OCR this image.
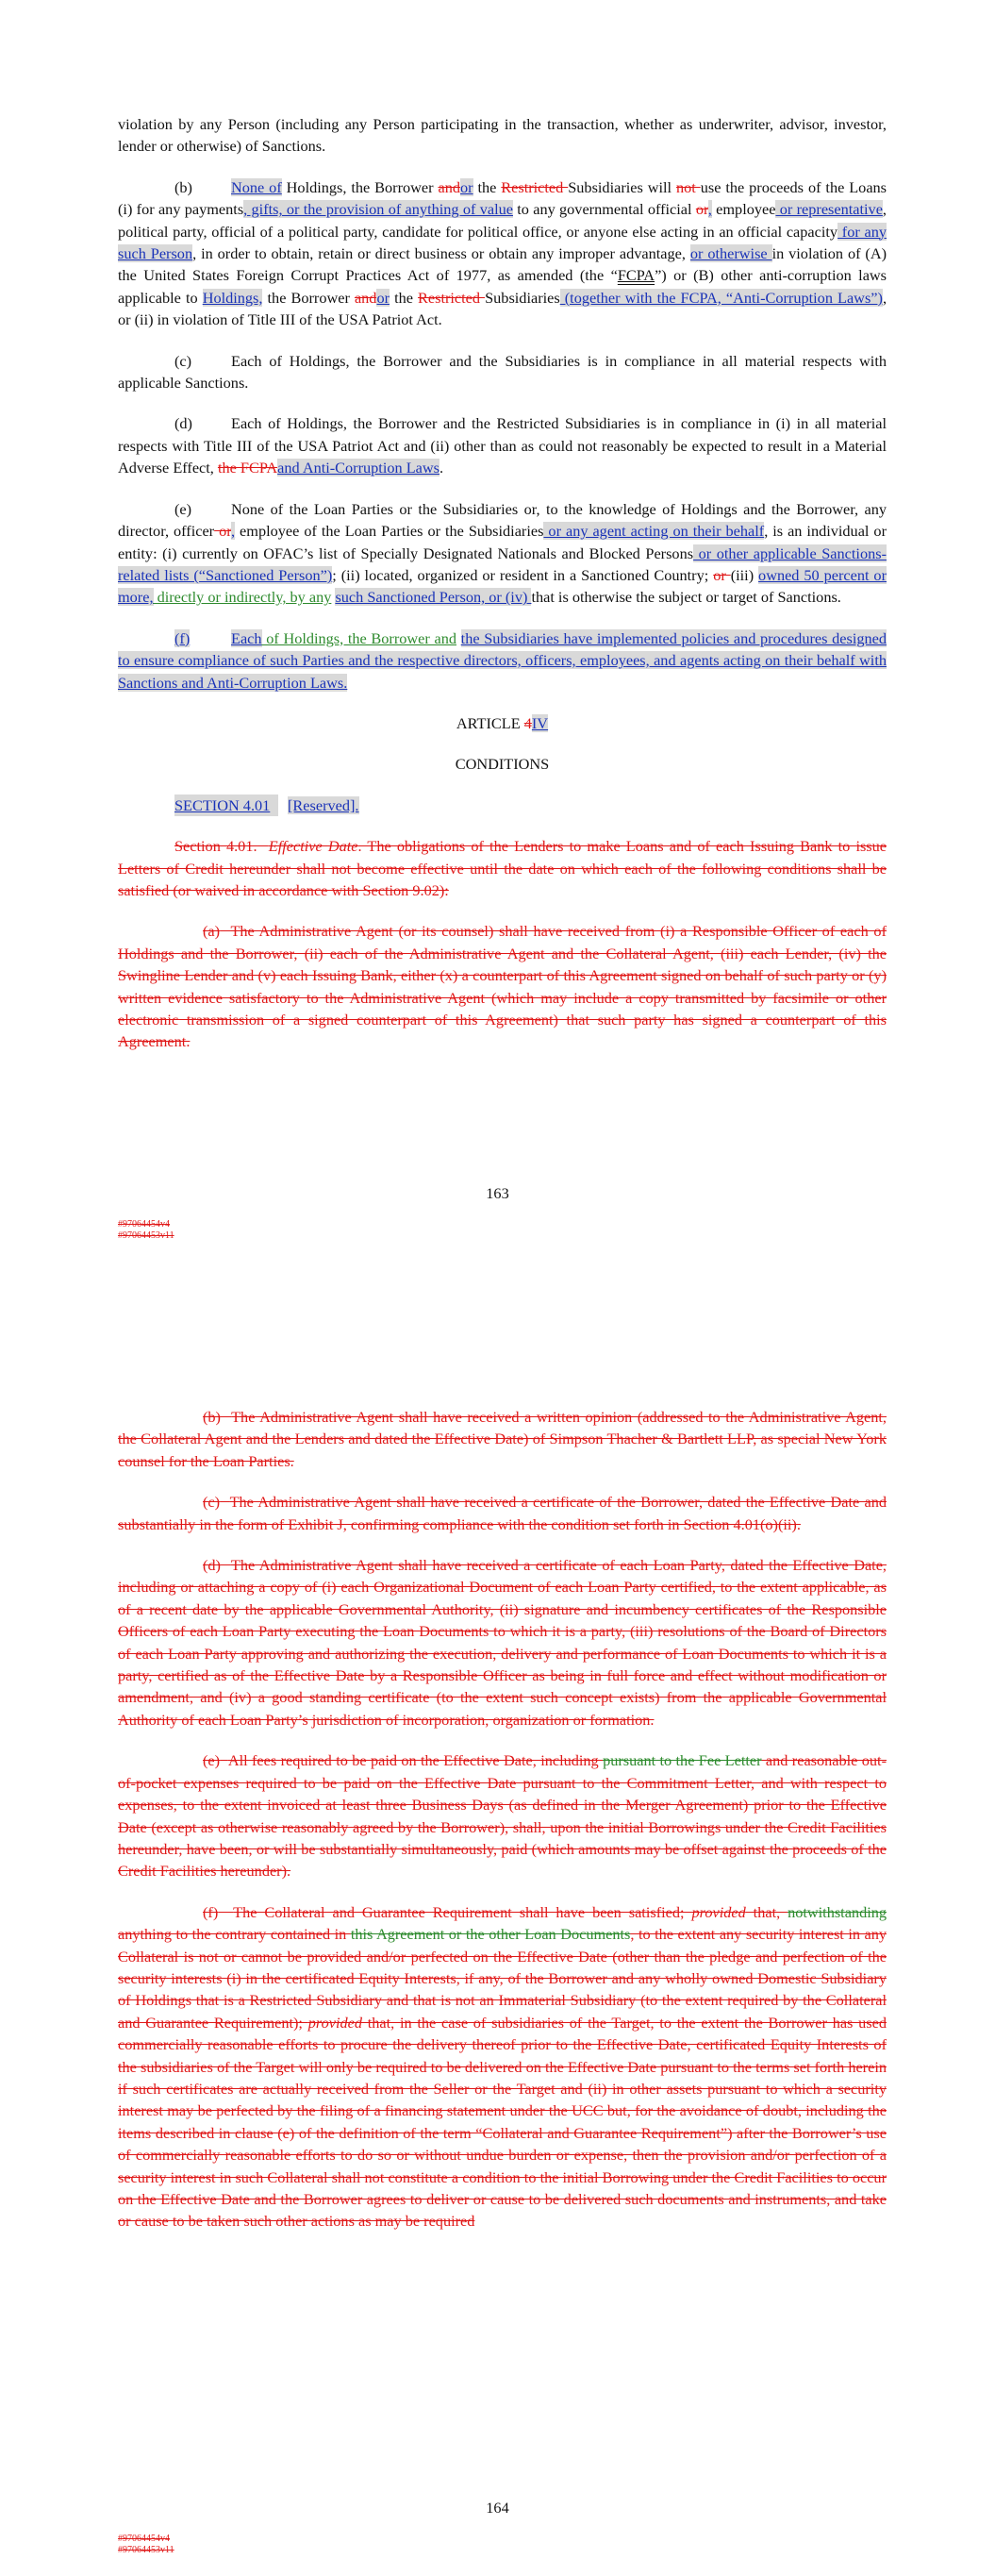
violation by any Person (including any Person participating in the transaction, whether as underwriter, advisor, investor, lender or otherwise) of Sanctions.

(b)	None of Holdings, the Borrower andor the Restricted Subsidiaries will not use the proceeds of the Loans (i) for any payments, gifts, or the provision of anything of value to any governmental official or, employee or representative, political party, official of a political party, candidate for political office, or anyone else acting in an official capacity for any such Person, in order to obtain, retain or direct business or obtain any improper advantage, or otherwise in violation of (A) the United States Foreign Corrupt Practices Act of 1977, as amended (the “FCPA”) or (B) other anti-corruption laws applicable to Holdings, the Borrower andor the Restricted Subsidiaries (together with the FCPA, “Anti-Corruption Laws”), or (ii) in violation of Title III of the USA Patriot Act.

(c)	Each of Holdings, the Borrower and the Subsidiaries is in compliance in all material respects with applicable Sanctions.

(d)	Each of Holdings, the Borrower and the Restricted Subsidiaries is in compliance in (i) in all material respects with Title III of the USA Patriot Act and (ii) other than as could not reasonably be expected to result in a Material Adverse Effect, the FCPAand Anti-Corruption Laws.

(e)	None of the Loan Parties or the Subsidiaries or, to the knowledge of Holdings and the Borrower, any director, officer or, employee of the Loan Parties or the Subsidiaries or any agent acting on their behalf, is an individual or entity: (i) currently on OFAC’s list of Specially Designated Nationals and Blocked Persons or other applicable Sanctions-related lists (“Sanctioned Person”); (ii) located, organized or resident in a Sanctioned Country; or (iii) owned 50 percent or more, directly or indirectly, by any such Sanctioned Person, or (iv) that is otherwise the subject or target of Sanctions.

(f)	Each of Holdings, the Borrower and the Subsidiaries have implemented policies and procedures designed to ensure compliance of such Parties and the respective directors, officers, employees, and agents acting on their behalf with Sanctions and Anti-Corruption Laws.

ARTICLE 4IV

CONDITIONS

SECTION 4.01 [Reserved].

Section 4.01. Effective Date. The obligations of the Lenders to make Loans and of each Issuing Bank to issue Letters of Credit hereunder shall not become effective until the date on which each of the following conditions shall be satisfied (or waived in accordance with Section 9.02):

(a) The Administrative Agent (or its counsel) shall have received from (i) a Responsible Officer of each of Holdings and the Borrower, (ii) each of the Administrative Agent and the Collateral Agent, (iii) each Lender, (iv) the Swingline Lender and (v) each Issuing Bank, either (x) a counterpart of this Agreement signed on behalf of such party or (y) written evidence satisfactory to the Administrative Agent (which may include a copy transmitted by facsimile or other electronic transmission of a signed counterpart of this Agreement) that such party has signed a counterpart of this Agreement.

163
#97064454v4
#97064453v11

(b) The Administrative Agent shall have received a written opinion (addressed to the Administrative Agent, the Collateral Agent and the Lenders and dated the Effective Date) of Simpson Thacher & Bartlett LLP, as special New York counsel for the Loan Parties.

(c) The Administrative Agent shall have received a certificate of the Borrower, dated the Effective Date and substantially in the form of Exhibit J, confirming compliance with the condition set forth in Section 4.01(o)(ii).

(d) The Administrative Agent shall have received a certificate of each Loan Party, dated the Effective Date, including or attaching a copy of (i) each Organizational Document of each Loan Party certified, to the extent applicable, as of a recent date by the applicable Governmental Authority, (ii) signature and incumbency certificates of the Responsible Officers of each Loan Party executing the Loan Documents to which it is a party, (iii) resolutions of the Board of Directors of each Loan Party approving and authorizing the execution, delivery and performance of Loan Documents to which it is a party, certified as of the Effective Date by a Responsible Officer as being in full force and effect without modification or amendment, and (iv) a good standing certificate (to the extent such concept exists) from the applicable Governmental Authority of each Loan Party’s jurisdiction of incorporation, organization or formation.

(e) All fees required to be paid on the Effective Date, including pursuant to the Fee Letter and reasonable out-of-pocket expenses required to be paid on the Effective Date pursuant to the Commitment Letter, and with respect to expenses, to the extent invoiced at least three Business Days (as defined in the Merger Agreement) prior to the Effective Date (except as otherwise reasonably agreed by the Borrower), shall, upon the initial Borrowings under the Credit Facilities hereunder, have been, or will be substantially simultaneously, paid (which amounts may be offset against the proceeds of the Credit Facilities hereunder).

(f) The Collateral and Guarantee Requirement shall have been satisfied; provided that, notwithstanding anything to the contrary contained in this Agreement or the other Loan Documents, to the extent any security interest in any Collateral is not or cannot be provided and/or perfected on the Effective Date (other than the pledge and perfection of the security interests (i) in the certificated Equity Interests, if any, of the Borrower and any wholly owned Domestic Subsidiary of Holdings that is a Restricted Subsidiary and that is not an Immaterial Subsidiary (to the extent required by the Collateral and Guarantee Requirement); provided that, in the case of subsidiaries of the Target, to the extent the Borrower has used commercially reasonable efforts to procure the delivery thereof prior to the Effective Date, certificated Equity Interests of the subsidiaries of the Target will only be required to be delivered on the Effective Date pursuant to the terms set forth herein if such certificates are actually received from the Seller or the Target and (ii) in other assets pursuant to which a security interest may be perfected by the filing of a financing statement under the UCC but, for the avoidance of doubt, including the items described in clause (e) of the definition of the term “Collateral and Guarantee Requirement”) after the Borrower’s use of commercially reasonable efforts to do so or without undue burden or expense, then the provision and/or perfection of a security interest in such Collateral shall not constitute a condition to the initial Borrowing under the Credit Facilities to occur on the Effective Date and the Borrower agrees to deliver or cause to be delivered such documents and instruments, and take or cause to be taken such other actions as may be required

164
#97064454v4
#97064453v11
